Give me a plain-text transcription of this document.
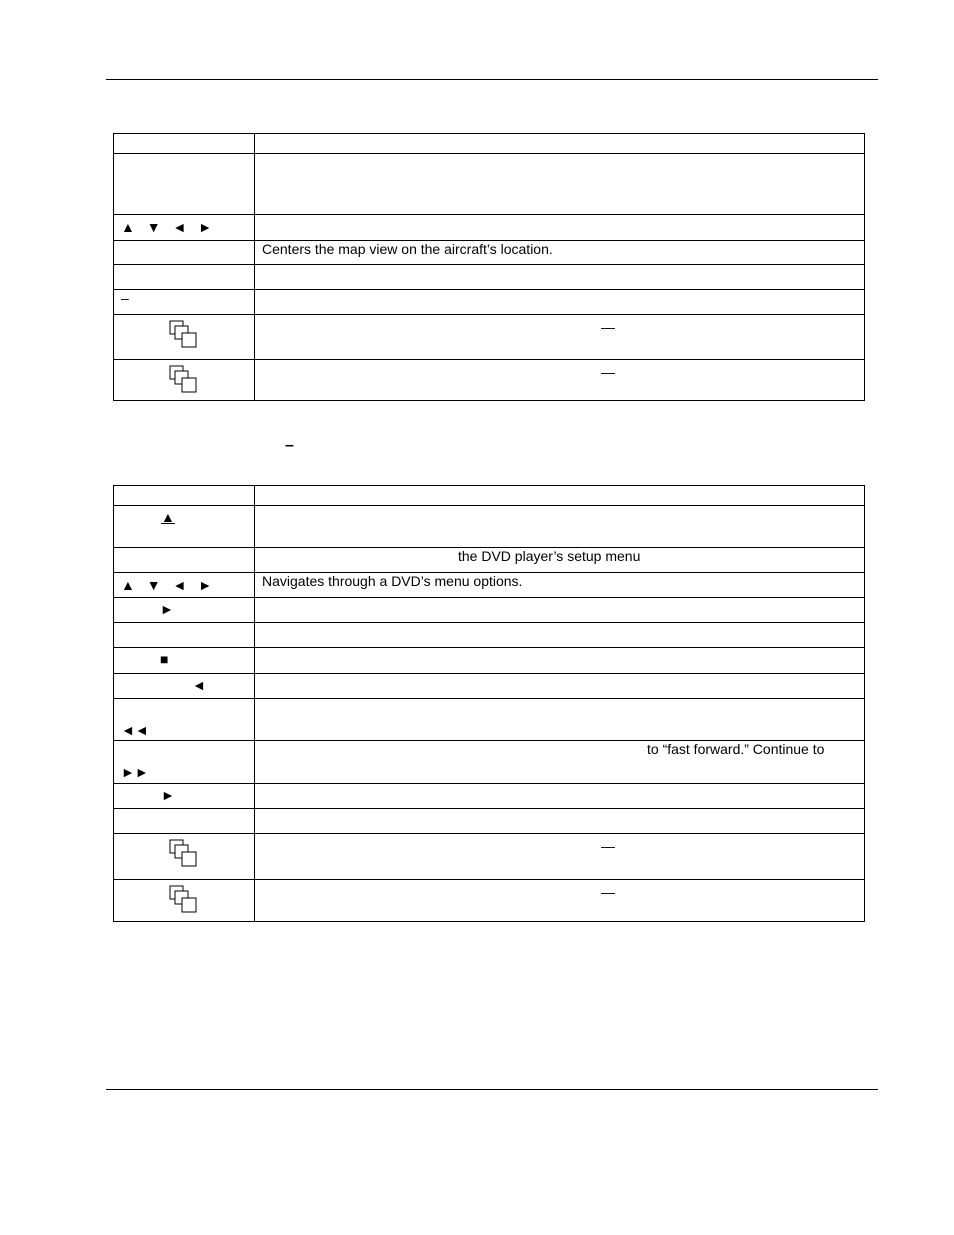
▲ ▼ ◄ ►	
	Centers the map view on the aircraft’s location.

–	
	—
	—
–

▲	
	the DVD player’s setup menu
▲ ▼ ◄ ►	Navigates through a DVD’s menu options.
►	

■	
◄	
◄◄	
►►	to “fast forward.” Continue to
►	

	—
	—
